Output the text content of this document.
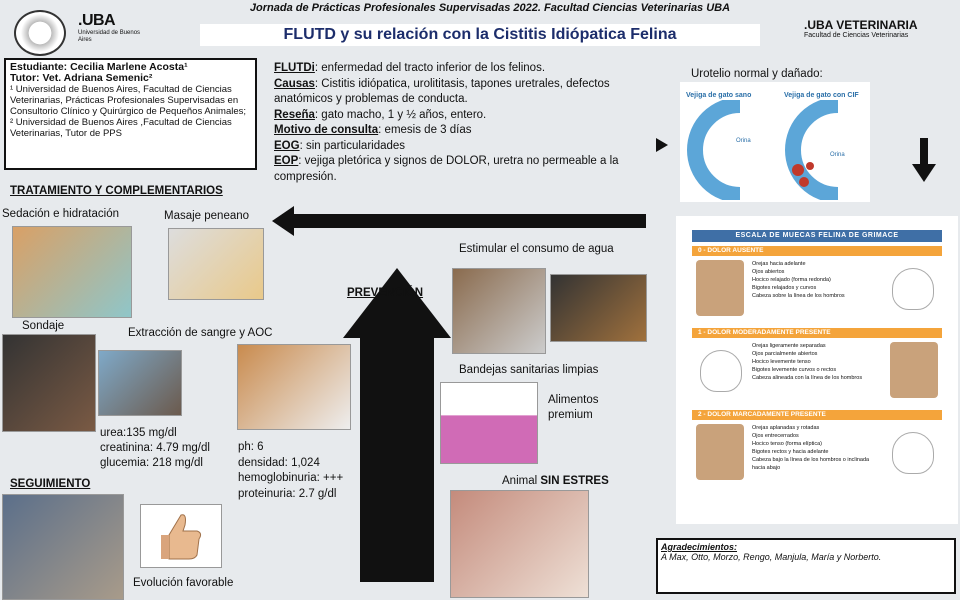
.UBA
Universidad de Buenos Aires
Jornada de Prácticas Profesionales Supervisadas 2022. Facultad Ciencias Veterinarias UBA
FLUTD y su relación con la Cistitis Idiópatica Felina
.UBA VETERINARIA
Facultad de Ciencias Veterinarias
Estudiante: Cecilia Marlene Acosta¹
Tutor: Vet. Adriana Semenic²
¹ Universidad de Buenos Aires, Facultad de Ciencias Veterinarias, Prácticas Profesionales Supervisadas en Consultorio Clínico y Quirúrgico de Pequeños Animales;
² Universidad de Buenos Aires ,Facultad de Ciencias Veterinarias, Tutor de PPS
FLUTDi: enfermedad del tracto inferior de los felinos.
Causas: Cistitis idiópatica, urolititasis, tapones uretrales, defectos anatómicos y problemas de conducta.
Reseña: gato macho, 1 y ½ años, entero.
Motivo de consulta: emesis de 3 días
EOG: sin particularidades
EOP: vejiga pletórica y signos de DOLOR, uretra no permeable a la compresión.
TRATAMIENTO Y COMPLEMENTARIOS
Sedación e hidratación	Masaje peneano
Sondaje
Extracción de sangre y AOC
urea:135 mg/dl
creatinina: 4.79 mg/dl
glucemia: 218 mg/dl
ph: 6
densidad: 1,024
hemoglobinuria: +++
proteinuria: 2.7 g/dl
SEGUIMIENTO
Evolución favorable
PREVENCIÓN
Estimular el consumo de agua
Bandejas sanitarias limpias
Alimentos premium
Animal SIN ESTRES
Urotelio normal y dañado:
Vejiga de gato sano	Vejiga de gato con CIF
Orina
Orina
ESCALA DE MUECAS FELINA DE GRIMACE
0 - DOLOR AUSENTE
Orejas hacia adelante
Ojos abiertos
Hocico relajado (forma redonda)
Bigotes relajados y curvos
Cabeza sobre la línea de los hombros
1 - DOLOR MODERADAMENTE PRESENTE
Orejas ligeramente separadas
Ojos parcialmente abiertos
Hocico levemente tenso
Bigotes levemente curvos o rectos
Cabeza alineada con la línea de los hombros
2 - DOLOR MARCADAMENTE PRESENTE
Orejas aplanadas y rotadas
Ojos entrecerrados
Hocico tenso (forma elíptica)
Bigotes rectos y hacia adelante
Cabeza bajo la línea de los hombros o inclinada hacia abajo
Agradecimientos:
A Max, Otto, Morzo, Rengo, Manjula, María y Norberto.
